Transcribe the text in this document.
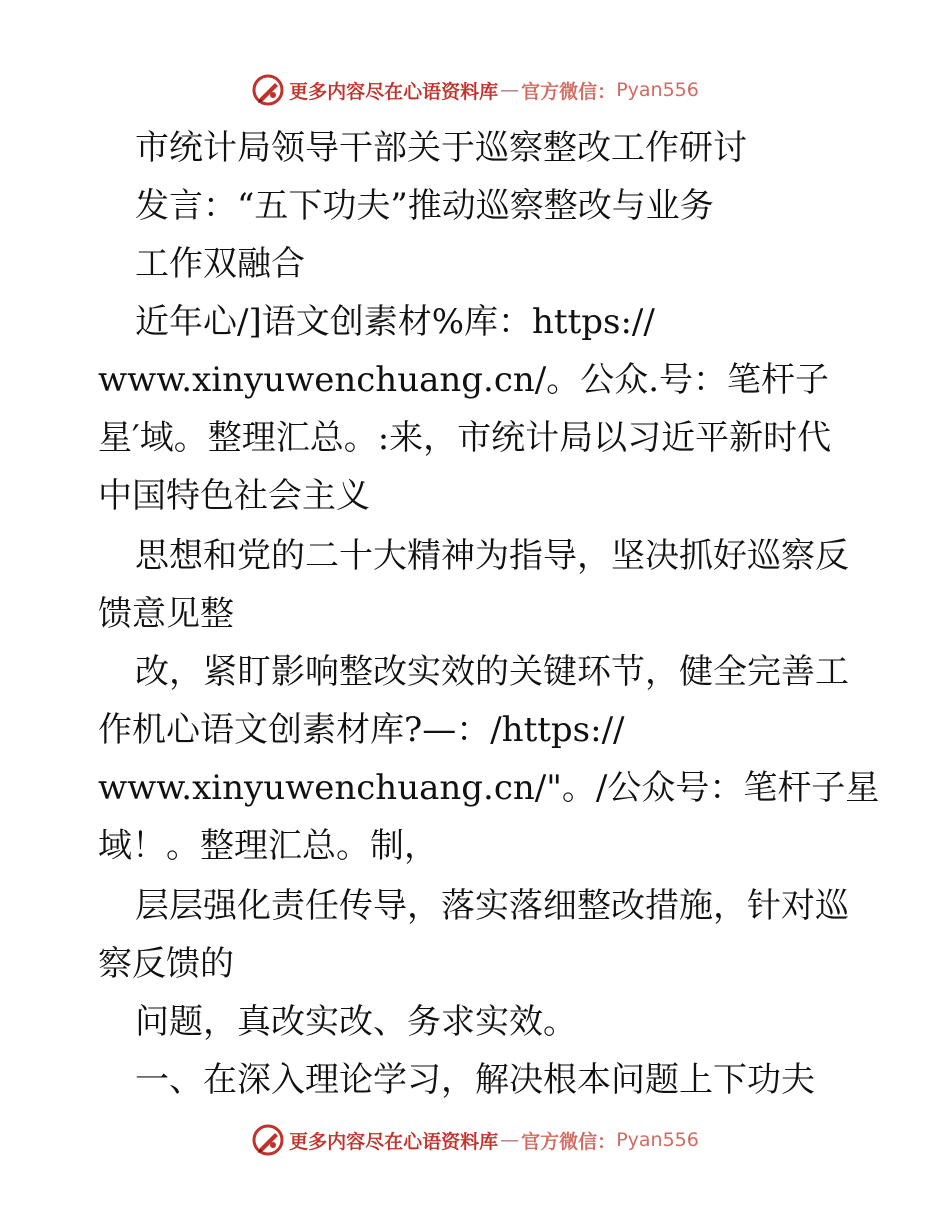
更多内容尽在心语资料库 — 官方微信： Pyan556
市统计局领导干部关于巡察整改工作研讨
发言：“五下功夫”推动巡察整改与业务
工作双融合
近年心/]语文创素材%库：https://
www.xinyuwenchuang.cn/。公众.号：笔杆子
星′域。整理汇总。:来，市统计局以习近平新时代
中国特色社会主义
思想和党的二十大精神为指导，坚决抓好巡察反
馈意见整
改，紧盯影响整改实效的关键环节，健全完善工
作机心语文创素材库?—：/https://
www.xinyuwenchuang.cn/"。/公众号：笔杆子星
域！。整理汇总。制，
层层强化责任传导，落实落细整改措施，针对巡
察反馈的
问题，真改实改、务求实效。
一、在深入理论学习，解决根本问题上下功夫
更多内容尽在心语资料库 — 官方微信： Pyan556
